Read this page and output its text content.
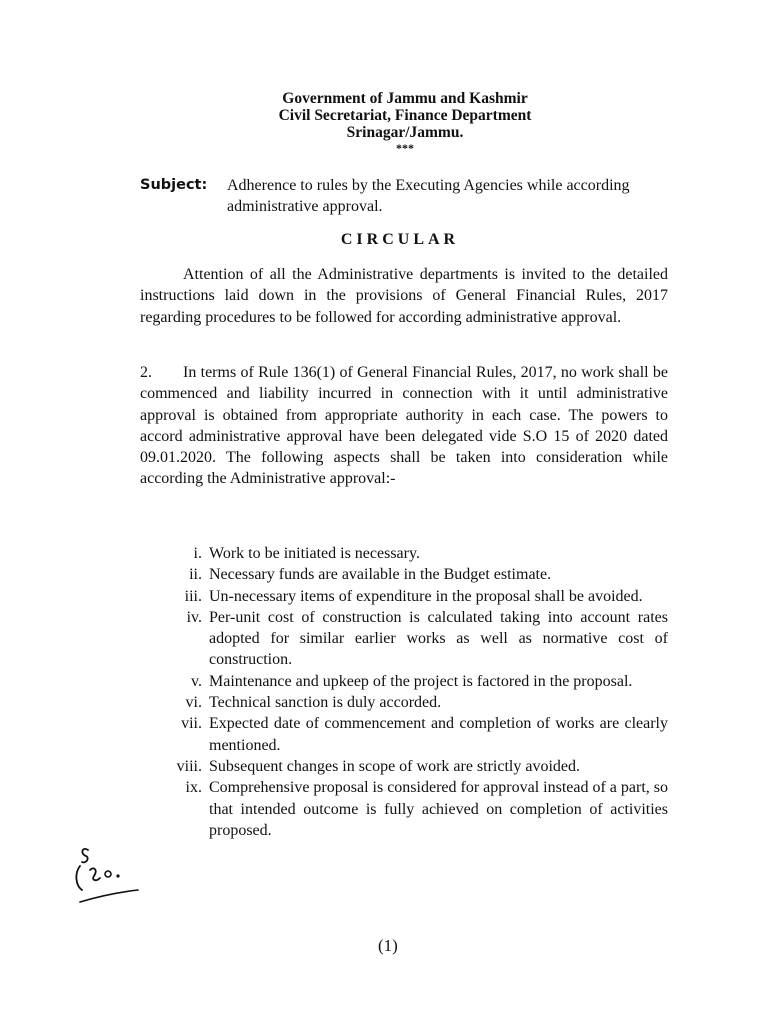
Government of Jammu and Kashmir

Civil Secretariat, Finance Department

Srinagar/Jammu.

***

Subject: Adherence to rules by the Executing Agencies while according administrative approval.
CIRCULAR

Attention of all the Administrative departments is invited to the detailed instructions laid down in the provisions of General Financial Rules, 2017 regarding procedures to be followed for according administrative approval.

2. In terms of Rule 136(1) of General Financial Rules, 2017, no work shall be commenced and liability incurred in connection with it until administrative approval is obtained from appropriate authority in each case. The powers to accord administrative approval have been delegated vide S.O 15 of 2020 dated 09.01.2020. The following aspects shall be taken into consideration while according the Administrative approval:-

i. Work to be initiated is necessary.
ii. Necessary funds are available in the Budget estimate.
iii. Un-necessary items of expenditure in the proposal shall be avoided.
iv. Per-unit cost of construction is calculated taking into account rates adopted for similar earlier works as well as normative cost of construction.
v. Maintenance and upkeep of the project is factored in the proposal.
vi. Technical sanction is duly accorded.
vii. Expected date of commencement and completion of works are clearly mentioned.
viii. Subsequent changes in scope of work are strictly avoided.
ix. Comprehensive proposal is considered for approval instead of a part, so that intended outcome is fully achieved on completion of activities proposed.
(1)
